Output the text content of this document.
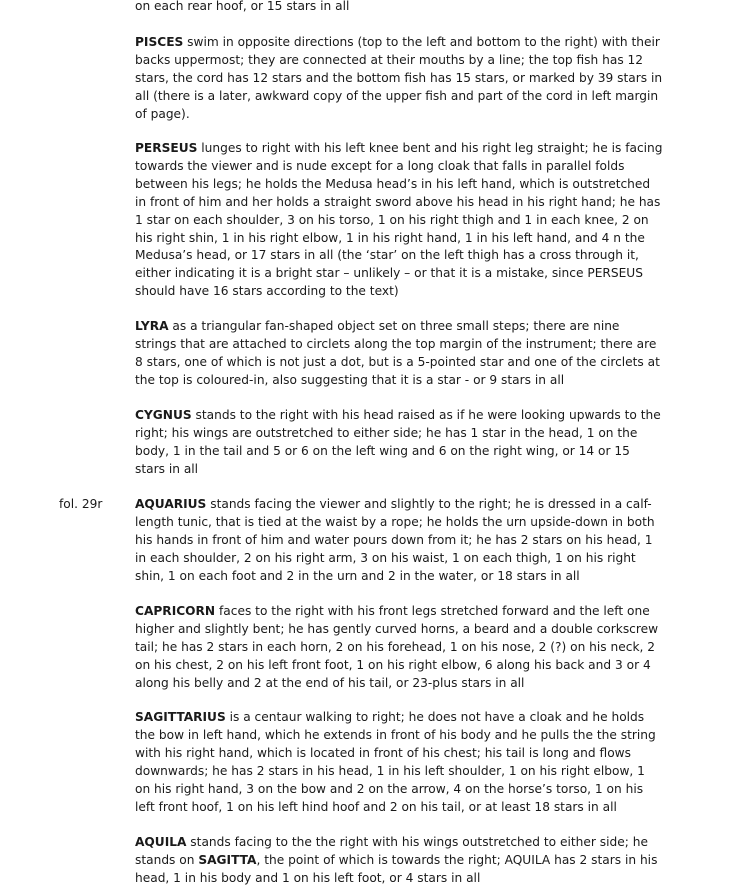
on each rear hoof, or 15 stars in all

PISCES swim in opposite directions (top to the left and bottom to the right) with their backs uppermost; they are connected at their mouths by a line; the top fish has 12 stars, the cord has 12 stars and the bottom fish has 15 stars, or marked by 39 stars in all (there is a later, awkward copy of the upper fish and part of the cord in left margin of page).

PERSEUS lunges to right with his left knee bent and his right leg straight; he is facing towards the viewer and is nude except for a long cloak that falls in parallel folds between his legs; he holds the Medusa head’s in his left hand, which is outstretched in front of him and her holds a straight sword above his head in his right hand; he has 1 star on each shoulder, 3 on his torso, 1 on his right thigh and 1 in each knee, 2 on his right shin, 1 in his right elbow, 1 in his right hand, 1 in his left hand, and 4 n the Medusa’s head, or 17 stars in all (the ‘star’ on the left thigh has a cross through it, either indicating it is a bright star – unlikely – or that it is a mistake, since PERSEUS should have 16 stars according to the text)

LYRA as a triangular fan-shaped object set on three small steps; there are nine strings that are attached to circlets along the top margin of the instrument; there are 8 stars, one of which is not just a dot, but is a 5-pointed star and one of the circlets at the top is coloured-in, also suggesting that it is a star - or 9 stars in all

CYGNUS stands to the right with his head raised as if he were looking upwards to the right; his wings are outstretched to either side; he has 1 star in the head, 1 on the body, 1 in the tail and 5 or 6 on the left wing and 6 on the right wing, or 14 or 15 stars in all

fol. 29r	AQUARIUS stands facing the viewer and slightly to the right; he is dressed in a calf-length tunic, that is tied at the waist by a rope; he holds the urn upside-down in both his hands in front of him and water pours down from it; he has 2 stars on his head, 1 in each shoulder, 2 on his right arm, 3 on his waist, 1 on each thigh, 1 on his right shin, 1 on each foot and 2 in the urn and 2 in the water, or 18 stars in all

CAPRICORN faces to the right with his front legs stretched forward and the left one higher and slightly bent; he has gently curved horns, a beard and a double corkscrew tail; he has 2 stars in each horn, 2 on his forehead, 1 on his nose, 2 (?) on his neck, 2 on his chest, 2 on his left front foot, 1 on his right elbow, 6 along his back and 3 or 4 along his belly and 2 at the end of his tail, or 23-plus stars in all

SAGITTARIUS is a centaur walking to right; he does not have a cloak and he holds the bow in left hand, which he extends in front of his body and he pulls the the string with his right hand, which is located in front of his chest; his tail is long and flows downwards; he has 2 stars in his head, 1 in his left shoulder, 1 on his right elbow, 1 on his right hand, 3 on the bow and 2 on the arrow, 4 on the horse’s torso, 1 on his left front hoof, 1 on his left hind hoof and 2 on his tail, or at least 18 stars in all

AQUILA stands facing to the the right with his wings outstretched to either side; he stands on SAGITTA, the point of which is towards the right; AQUILA has 2 stars in his head, 1 in his body and 1 on his left foot, or 4 stars in all
